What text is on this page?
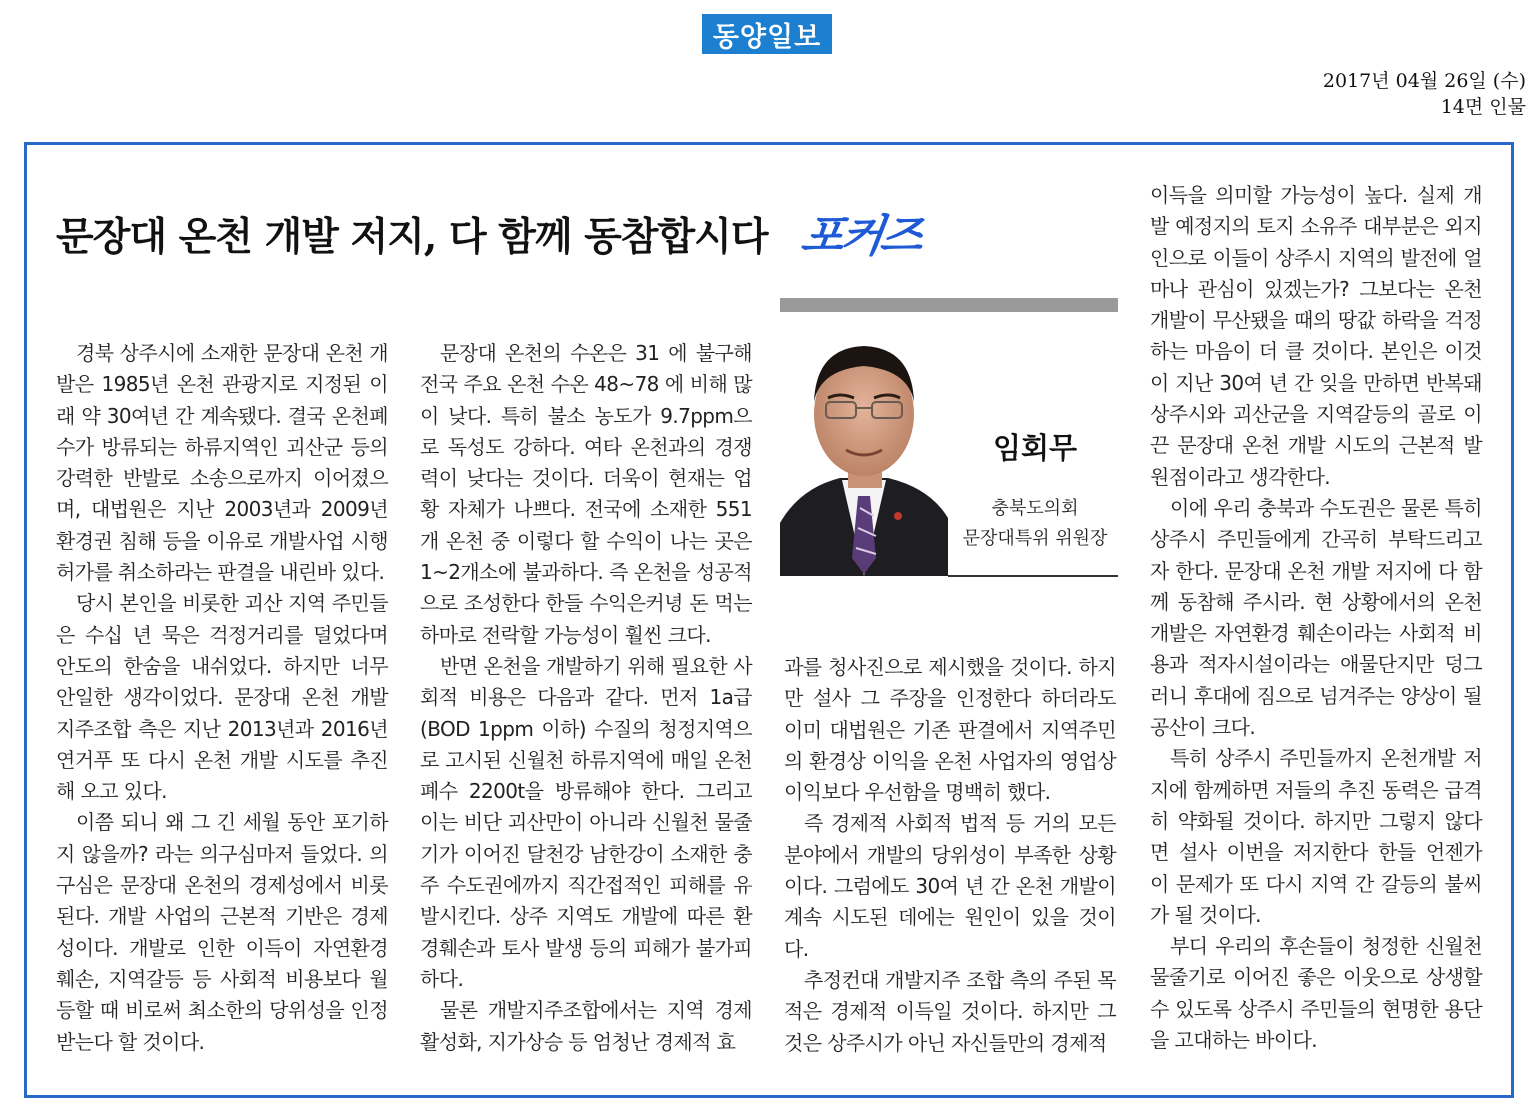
동양일보
2017년 04월 26일 (수)
14면 인물
문장대 온천 개발 저지, 다 함께 동참합시다 포커즈
임회무
충북도의회
문장대특위 위원장

경북 상주시에 소재한 문장대 온천 개발은 1985년 온천 관광지로 지정된 이래 약 30여년 간 계속됐다. 결국 온천폐수가 방류되는 하류지역인 괴산군 등의 강력한 반발로 소송으로까지 이어졌으며, 대법원은 지난 2003년과 2009년 환경권 침해 등을 이유로 개발사업 시행허가를 취소하라는 판결을 내린바 있다.

당시 본인을 비롯한 괴산 지역 주민들은 수십 년 묵은 걱정거리를 덜었다며 안도의 한숨을 내쉬었다. 하지만 너무 안일한 생각이었다. 문장대 온천 개발 지주조합 측은 지난 2013년과 2016년 연거푸 또 다시 온천 개발 시도를 추진해 오고 있다.

이쯤 되니 왜 그 긴 세월 동안 포기하지 않을까? 라는 의구심마저 들었다. 의구심은 문장대 온천의 경제성에서 비롯된다. 개발 사업의 근본적 기반은 경제성이다. 개발로 인한 이득이 자연환경 훼손, 지역갈등 등 사회적 비용보다 월등할 때 비로써 최소한의 당위성을 인정 받는다 할 것이다.

문장대 온천의 수온은 31 에 불구해 전국 주요 온천 수온 48~78 에 비해 많이 낮다. 특히 불소 농도가 9.7ppm으로 독성도 강하다. 여타 온천과의 경쟁력이 낮다는 것이다. 더욱이 현재는 업황 자체가 나쁘다. 전국에 소재한 551개 온천 중 이렇다 할 수익이 나는 곳은 1~2개소에 불과하다. 즉 온천을 성공적으로 조성한다 한들 수익은커녕 돈 먹는 하마로 전락할 가능성이 훨씬 크다.

반면 온천을 개발하기 위해 필요한 사회적 비용은 다음과 같다. 먼저 1a급(BOD 1ppm 이하) 수질의 청정지역으로 고시된 신월천 하류지역에 매일 온천폐수 2200t을 방류해야 한다. 그리고 이는 비단 괴산만이 아니라 신월천 물줄기가 이어진 달천강 남한강이 소재한 충주 수도권에까지 직간접적인 피해를 유발시킨다. 상주 지역도 개발에 따른 환경훼손과 토사 발생 등의 피해가 불가피하다.

물론 개발지주조합에서는 지역 경제 활성화, 지가상승 등 엄청난 경제적 효

과를 청사진으로 제시했을 것이다. 하지만 설사 그 주장을 인정한다 하더라도 이미 대법원은 기존 판결에서 지역주민의 환경상 이익을 온천 사업자의 영업상 이익보다 우선함을 명백히 했다.

즉 경제적 사회적 법적 등 거의 모든 분야에서 개발의 당위성이 부족한 상황이다. 그럼에도 30여 년 간 온천 개발이 계속 시도된 데에는 원인이 있을 것이다.

추정컨대 개발지주 조합 측의 주된 목적은 경제적 이득일 것이다. 하지만 그것은 상주시가 아닌 자신들만의 경제적

이득을 의미할 가능성이 높다. 실제 개발 예정지의 토지 소유주 대부분은 외지인으로 이들이 상주시 지역의 발전에 얼마나 관심이 있겠는가? 그보다는 온천 개발이 무산됐을 때의 땅값 하락을 걱정하는 마음이 더 클 것이다. 본인은 이것이 지난 30여 년 간 잊을 만하면 반복돼 상주시와 괴산군을 지역갈등의 골로 이끈 문장대 온천 개발 시도의 근본적 발원점이라고 생각한다.

이에 우리 충북과 수도권은 물론 특히 상주시 주민들에게 간곡히 부탁드리고자 한다. 문장대 온천 개발 저지에 다 함께 동참해 주시라. 현 상황에서의 온천 개발은 자연환경 훼손이라는 사회적 비용과 적자시설이라는 애물단지만 덩그러니 후대에 짐으로 넘겨주는 양상이 될 공산이 크다.

특히 상주시 주민들까지 온천개발 저지에 함께하면 저들의 추진 동력은 급격히 약화될 것이다. 하지만 그렇지 않다면 설사 이번을 저지한다 한들 언젠가 이 문제가 또 다시 지역 간 갈등의 불씨가 될 것이다.

부디 우리의 후손들이 청정한 신월천 물줄기로 이어진 좋은 이웃으로 상생할 수 있도록 상주시 주민들의 현명한 용단을 고대하는 바이다.
